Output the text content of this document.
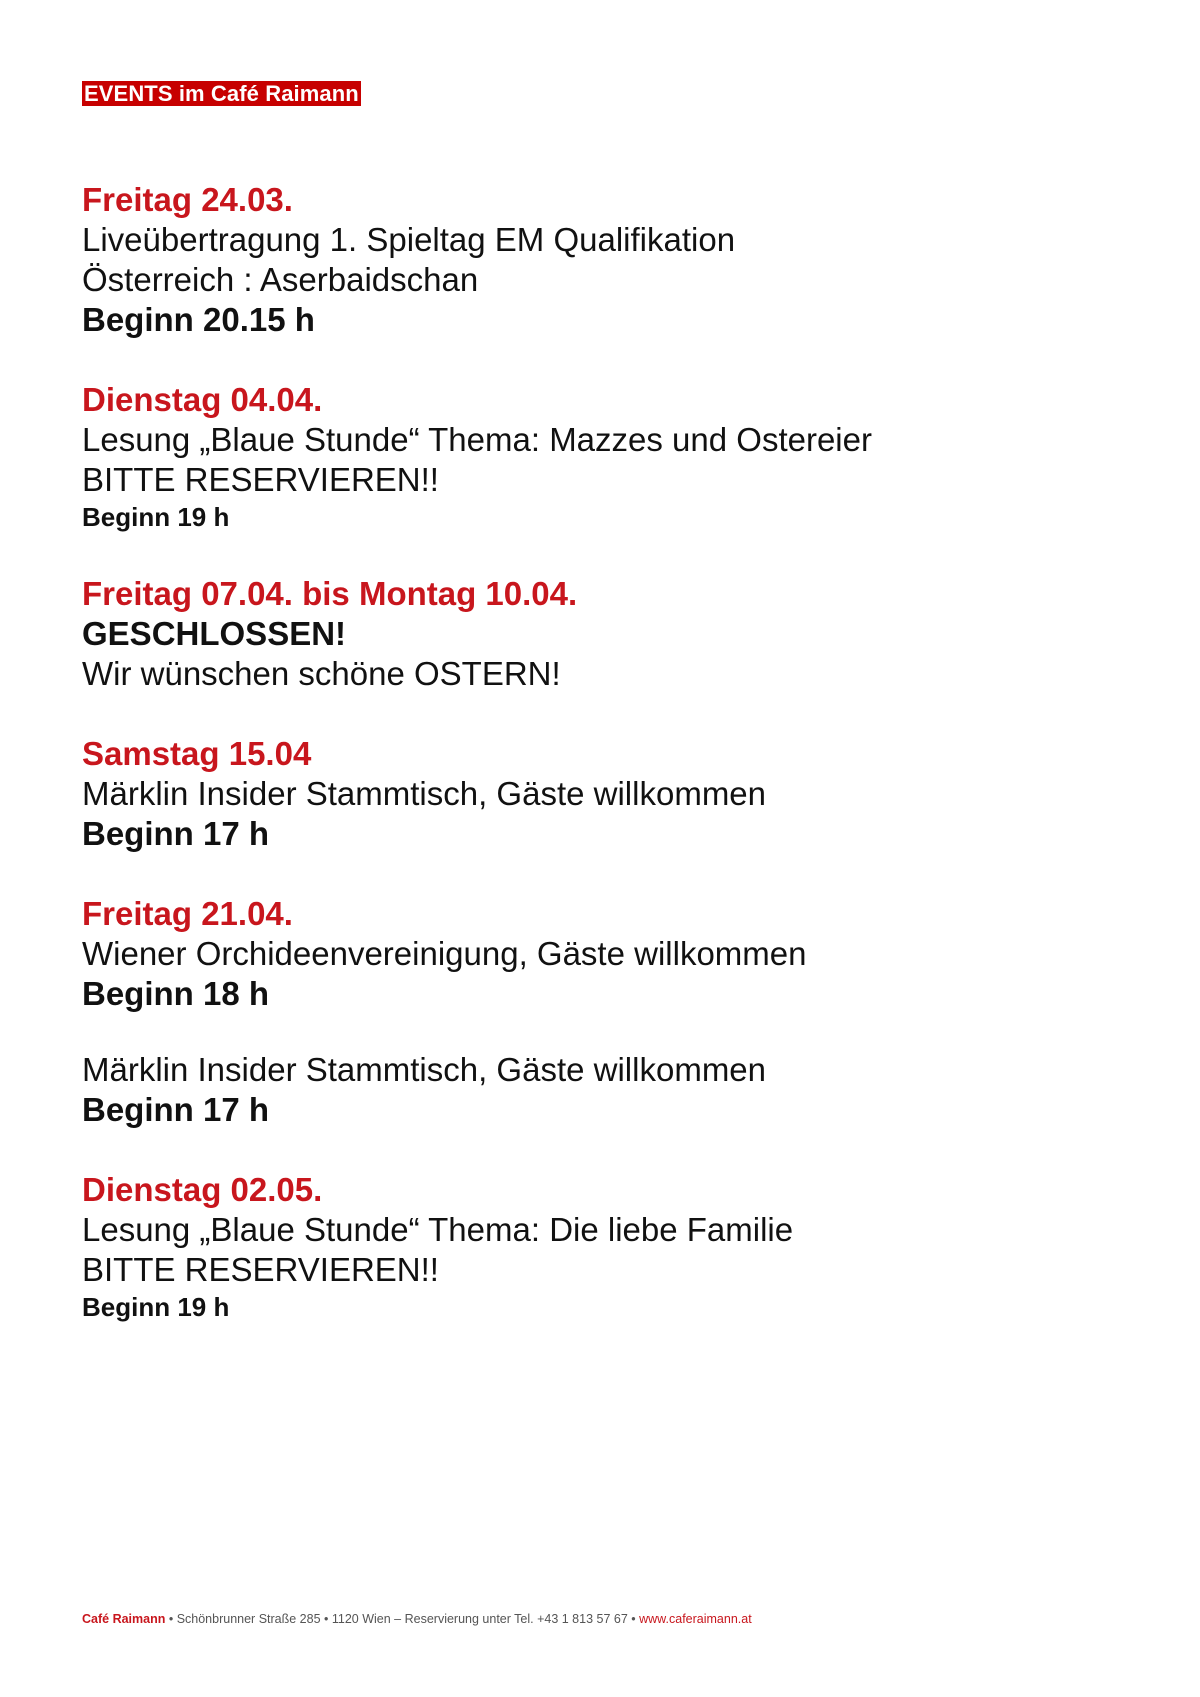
EVENTS im Café Raimann
Freitag 24.03.
Liveübertragung 1. Spieltag EM Qualifikation
Österreich : Aserbaidschan
Beginn 20.15 h
Dienstag 04.04.
Lesung „Blaue Stunde“ Thema: Mazzes und Ostereier
BITTE RESERVIEREN!!
Beginn 19 h
Freitag 07.04. bis Montag 10.04.
GESCHLOSSEN!
Wir wünschen schöne OSTERN!
Samstag 15.04
Märklin Insider Stammtisch, Gäste willkommen
Beginn 17 h
Freitag 21.04.
Wiener Orchideenvereinigung, Gäste willkommen
Beginn 18 h
Märklin Insider Stammtisch, Gäste willkommen
Beginn 17 h
Dienstag 02.05.
Lesung „Blaue Stunde“ Thema: Die liebe Familie
BITTE RESERVIEREN!!
Beginn 19 h
Café Raimann • Schönbrunner Straße 285 • 1120 Wien – Reservierung unter Tel. +43 1 813 57 67 • www.caferaimann.at
